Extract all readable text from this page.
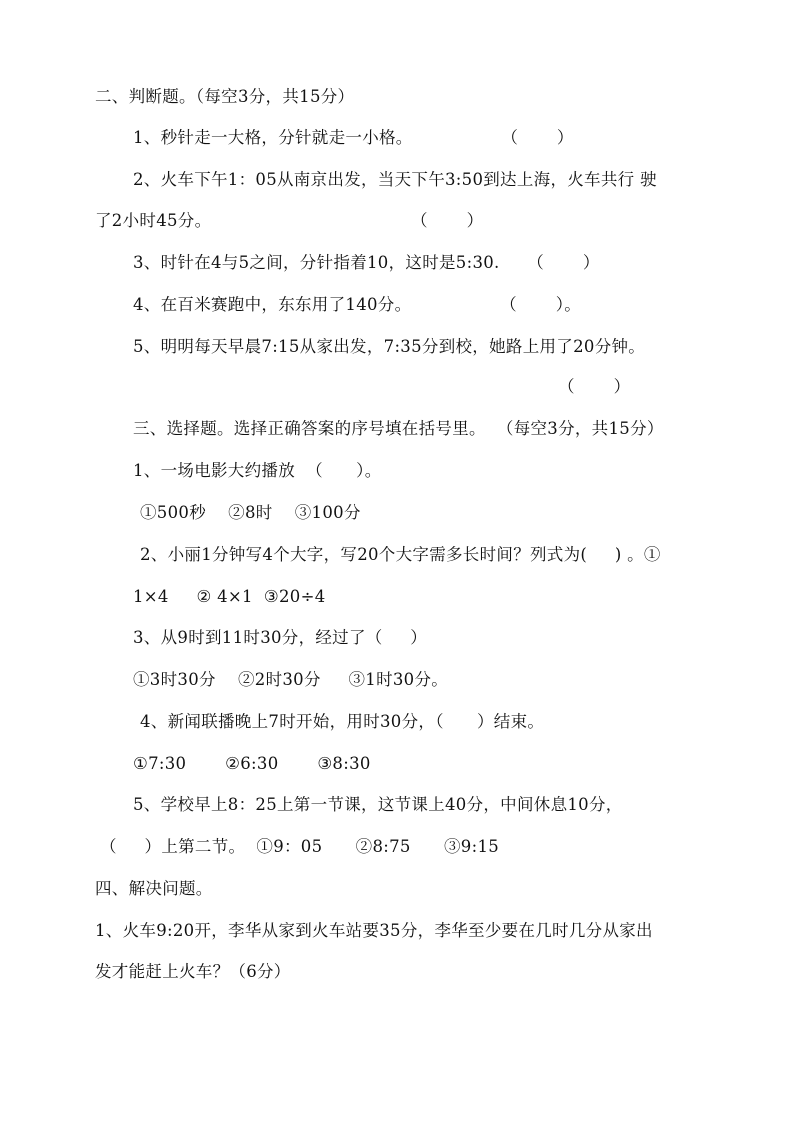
二、判断题。（每空3分，共15分）

1、秒针走一大格，分针就走一小格。                （       ）

2、火车下午1：05从南京出发，当天下午3:50到达上海，火车共行 驶

了2小时45分。                                    （       ）

3、时针在4与5之间，分针指着10，这时是5:30.     （       ）

4、在百米赛跑中，东东用了140分。                （       ）。

5、明明每天早晨7:15从家出发，7:35分到校，她路上用了20分钟。

（       ）

三、选择题。选择正确答案的序号填在括号里。  （每空3分，共15分）

1、一场电影大约播放  （      ）。

①500秒    ②8时    ③100分

2、小丽1分钟写4个大字，写20个大字需多长时间？列式为(     ) 。①

1×4     ② 4×1  ③20÷4

3、从9时到11时30分，经过了（     ）

①3时30分    ②2时30分     ③1时30分。

4、新闻联播晚上7时开始，用时30分，（      ）结束。

①7:30       ②6:30       ③8:30

5、学校早上8：25上第一节课，这节课上40分，中间休息10分，

（     ）上第二节。  ①9：05      ②8:75      ③9:15

四、解决问题。

1、火车9:20开，李华从家到火车站要35分，李华至少要在几时几分从家出

发才能赶上火车？（6分）
